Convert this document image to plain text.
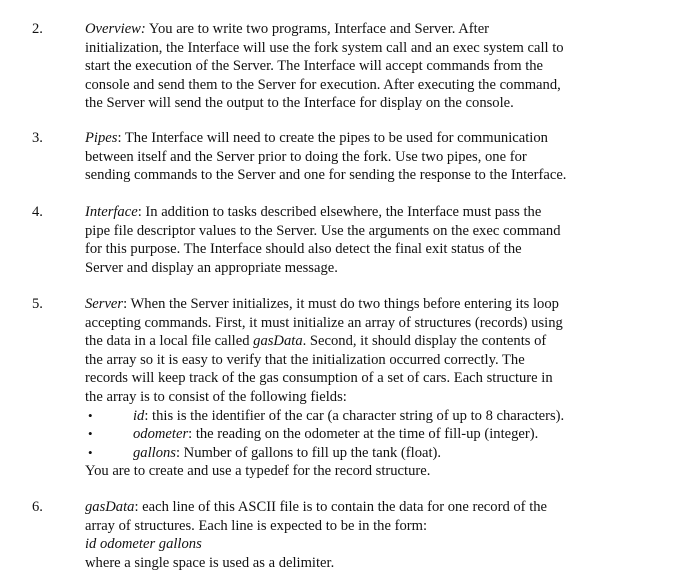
2.	Overview: You are to write two programs, Interface and Server. After

initialization, the Interface will use the fork system call and an exec system call to

start the execution of the Server. The Interface will accept commands from the

console and send them to the Server for execution. After executing the command,

the Server will send the output to the Interface for display on the console.

3.	Pipes: The Interface will need to create the pipes to be used for communication

between itself and the Server prior to doing the fork. Use two pipes, one for

sending commands to the Server and one for sending the response to the Interface.

4.	Interface: In addition to tasks described elsewhere, the Interface must pass the

pipe file descriptor values to the Server. Use the arguments on the exec command

for this purpose. The Interface should also detect the final exit status of the

Server and display an appropriate message.

5.	Server: When the Server initializes, it must do two things before entering its loop

accepting commands. First, it must initialize an array of structures (records) using

the data in a local file called gasData. Second, it should display the contents of

the array so it is easy to verify that the initialization occurred correctly. The

records will keep track of the gas consumption of a set of cars. Each structure in

the array is to consist of the following fields:

•	id: this is the identifier of the car (a character string of up to 8 characters).
•	odometer: the reading on the odometer at the time of fill-up (integer).
•	gallons: Number of gallons to fill up the tank (float).

You are to create and use a typedef for the record structure.

6.	gasData: each line of this ASCII file is to contain the data for one record of the

array of structures. Each line is expected to be in the form:

id odometer gallons

where a single space is used as a delimiter.
